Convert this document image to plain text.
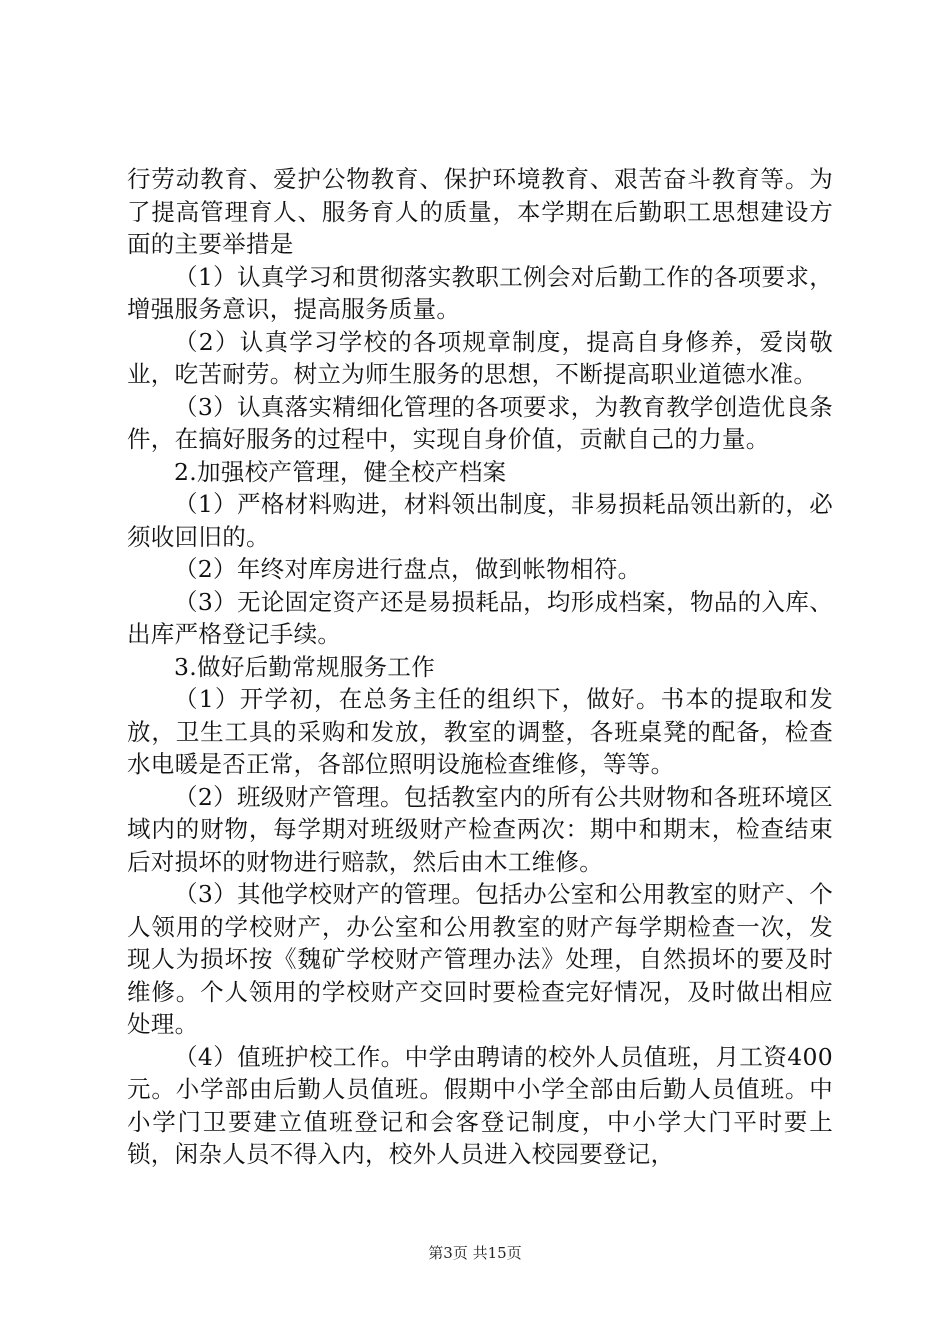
行劳动教育、爱护公物教育、保护环境教育、艰苦奋斗教育等。为了提高管理育人、服务育人的质量，本学期在后勤职工思想建设方面的主要举措是

（1）认真学习和贯彻落实教职工例会对后勤工作的各项要求，增强服务意识，提高服务质量。

（2）认真学习学校的各项规章制度，提高自身修养，爱岗敬业，吃苦耐劳。树立为师生服务的思想，不断提高职业道德水准。

（3）认真落实精细化管理的各项要求，为教育教学创造优良条件，在搞好服务的过程中，实现自身价值，贡献自己的力量。

2.加强校产管理，健全校产档案

（1）严格材料购进，材料领出制度，非易损耗品领出新的，必须收回旧的。

（2）年终对库房进行盘点，做到帐物相符。

（3）无论固定资产还是易损耗品，均形成档案，物品的入库、出库严格登记手续。

3.做好后勤常规服务工作

（1）开学初，在总务主任的组织下，做好。书本的提取和发放，卫生工具的采购和发放，教室的调整，各班桌凳的配备，检查水电暖是否正常，各部位照明设施检查维修，等等。

（2）班级财产管理。包括教室内的所有公共财物和各班环境区域内的财物，每学期对班级财产检查两次：期中和期末，检查结束后对损坏的财物进行赔款，然后由木工维修。

（3）其他学校财产的管理。包括办公室和公用教室的财产、个人领用的学校财产，办公室和公用教室的财产每学期检查一次，发现人为损坏按《魏矿学校财产管理办法》处理，自然损坏的要及时维修。个人领用的学校财产交回时要检查完好情况，及时做出相应处理。

（4）值班护校工作。中学由聘请的校外人员值班，月工资400元。小学部由后勤人员值班。假期中小学全部由后勤人员值班。中小学门卫要建立值班登记和会客登记制度，中小学大门平时要上锁，闲杂人员不得入内，校外人员进入校园要登记，

第3页 共15页
